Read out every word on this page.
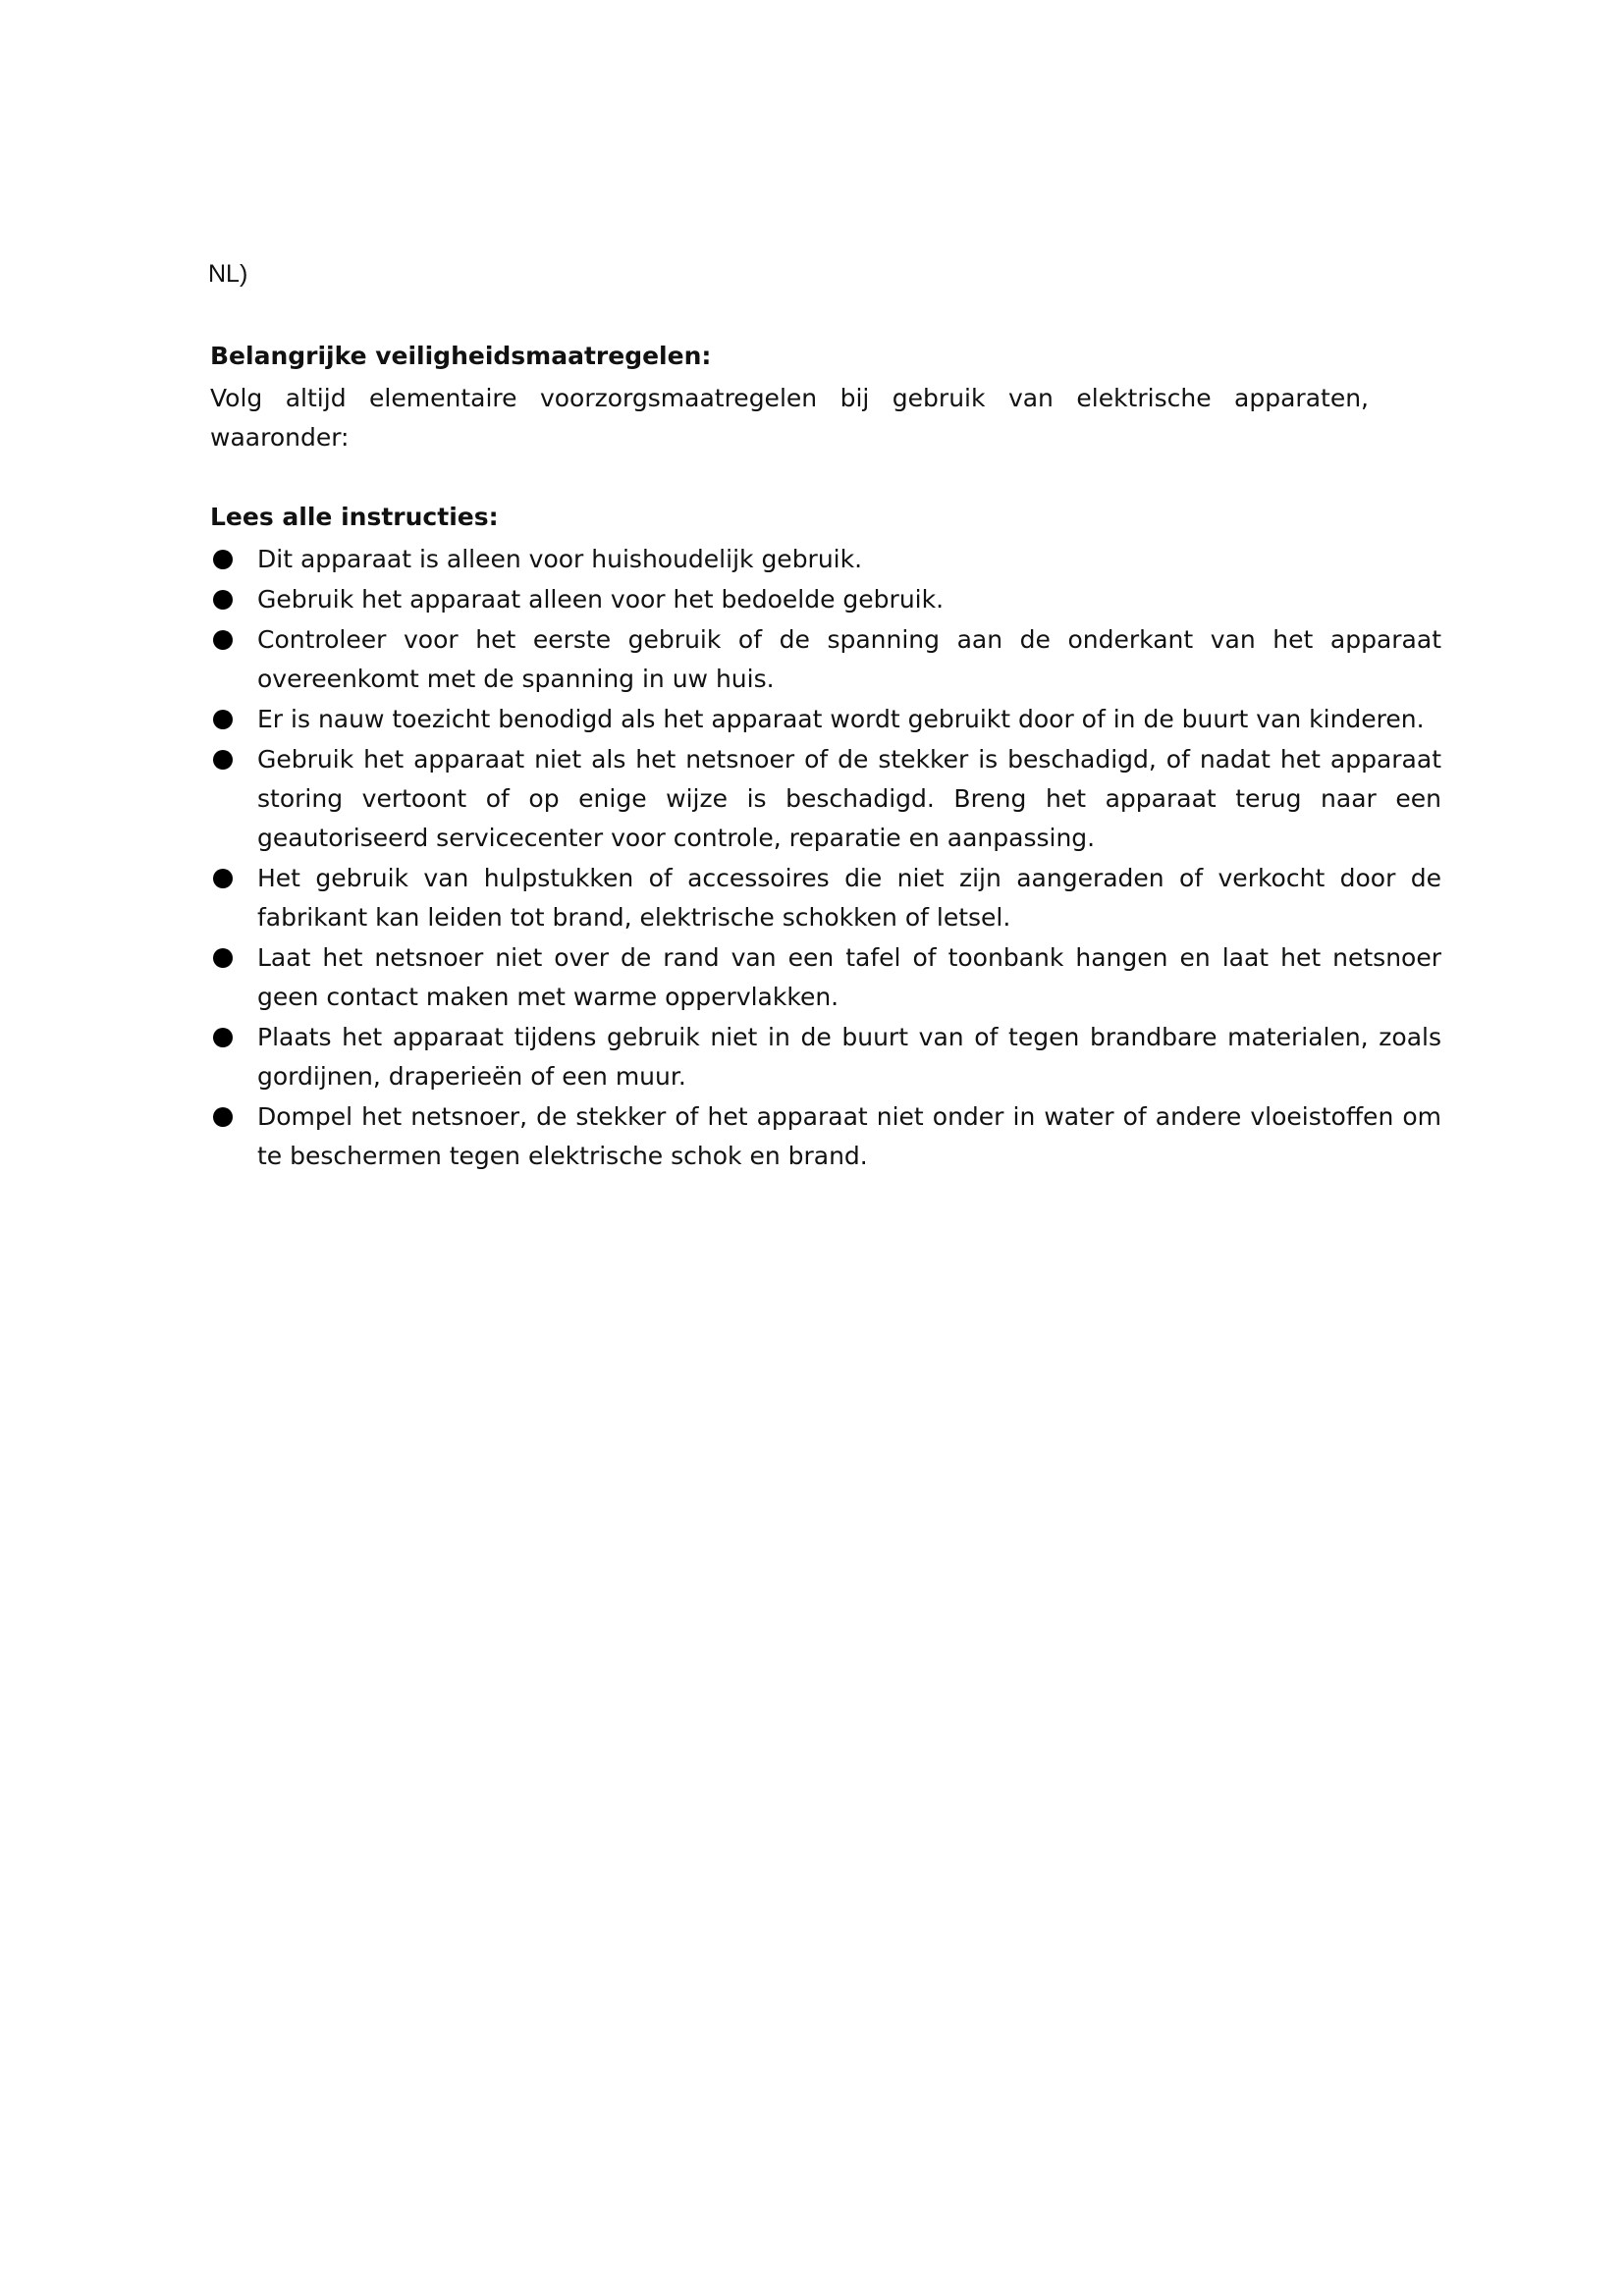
NL)
Belangrijke veiligheidsmaatregelen:

Volg altijd elementaire voorzorgsmaatregelen bij gebruik van elektrische apparaten, waaronder:

Lees alle instructies:
Dit apparaat is alleen voor huishoudelijk gebruik.
Gebruik het apparaat alleen voor het bedoelde gebruik.
Controleer voor het eerste gebruik of de spanning aan de onderkant van het apparaat overeenkomt met de spanning in uw huis.
Er is nauw toezicht benodigd als het apparaat wordt gebruikt door of in de buurt van kinderen.
Gebruik het apparaat niet als het netsnoer of de stekker is beschadigd, of nadat het apparaat storing vertoont of op enige wijze is beschadigd. Breng het apparaat terug naar een geautoriseerd servicecenter voor controle, reparatie en aanpassing.
Het gebruik van hulpstukken of accessoires die niet zijn aangeraden of verkocht door de fabrikant kan leiden tot brand, elektrische schokken of letsel.
Laat het netsnoer niet over de rand van een tafel of toonbank hangen en laat het netsnoer geen contact maken met warme oppervlakken.
Plaats het apparaat tijdens gebruik niet in de buurt van of tegen brandbare materialen, zoals gordijnen, draperieën of een muur.
Dompel het netsnoer, de stekker of het apparaat niet onder in water of andere vloeistoffen om te beschermen tegen elektrische schok en brand.
